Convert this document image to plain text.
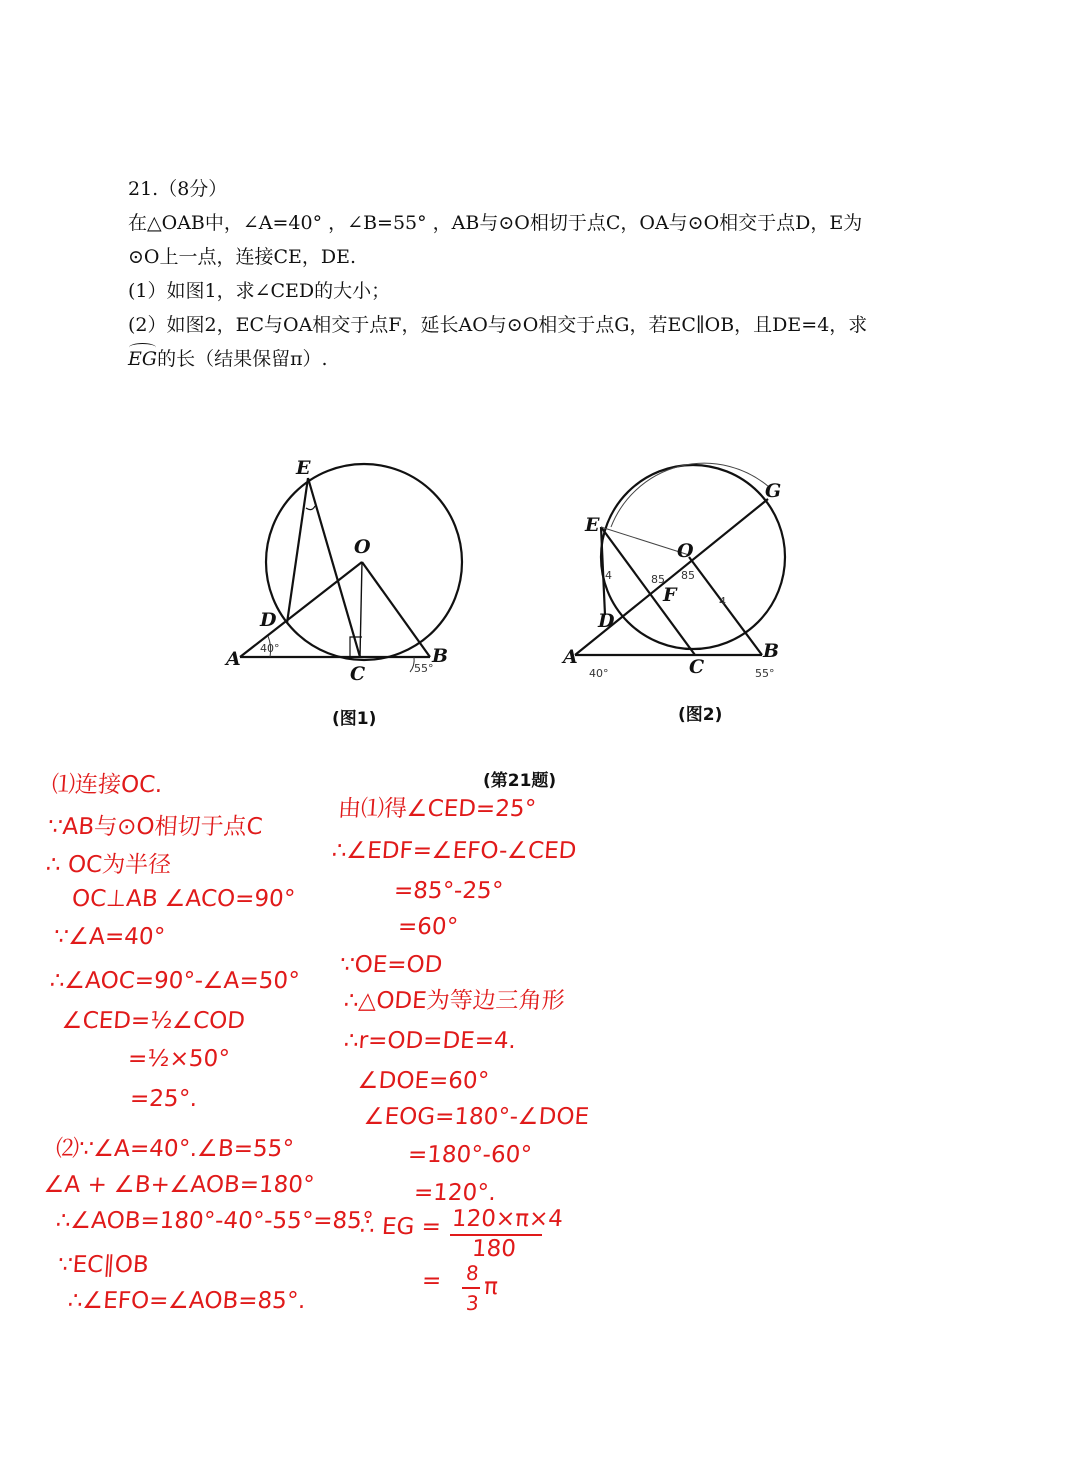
21.（8分）
在△OAB中，∠A=40° ，∠B=55° ，AB与⊙O相切于点C，OA与⊙O相交于点D，E为
⊙O上一点，连接CE，DE.
(1）如图1，求∠CED的大小；
(2）如图2，EC与OA相交于点F，延长AO与⊙O相交于点G，若EC∥OB，且DE=4，求
EG的长（结果保留π）.
E
O
D
A
C
B
40°
55°
(图1)
E
G
O
F
D
A	C
B
40°	55°
85 85
4
4
(图2)
(第21题)
⑴连接OC.
∵AB与⊙O相切于点C
∴ OC为半径
OC⊥AB ∠ACO=90°
∵∠A=40°
∴∠AOC=90°-∠A=50°
∠CED=½∠COD
=½×50°
=25°.
⑵∵∠A=40°.∠B=55°
∠A + ∠B+∠AOB=180°
∴∠AOB=180°-40°-55°=85°
∵EC∥OB
∴∠EFO=∠AOB=85°.
由⑴得∠CED=25°
∴∠EDF=∠EFO-∠CED
=85°-25°
=60°
∵OE=OD
∴△ODE为等边三角形
∴r=OD=DE=4.
∠DOE=60°
∠EOG=180°-∠DOE
=180°-60°
=120°.
∴ EG = 120×π×4
180
= 8
3
π
